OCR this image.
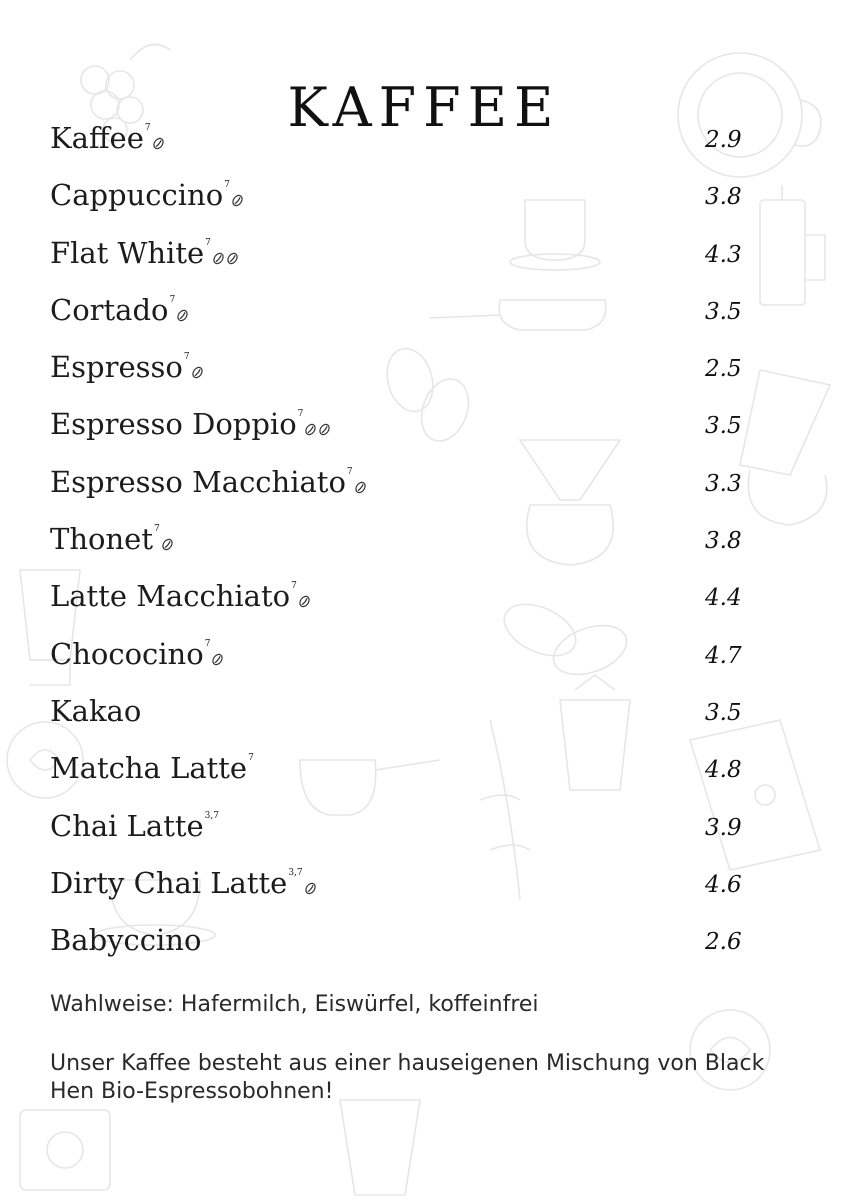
KAFFEE
Kaffee$^7$	2.9
Cappuccino$^7$	3.8
Flat White$^7$	4.3
Cortado$^7$	3.5
Espresso$^7$	2.5
Espresso Doppio$^7$	3.5
Espresso Macchiato$^7$	3.3
Thonet$^7$	3.8
Latte Macchiato$^7$	4.4
Chococino$^7$	4.7
Kakao	3.5
Matcha Latte$^7$	4.8
Chai Latte$^{3,7}$	3.9
Dirty Chai Latte$^{3,7}$	4.6
Babyccino	2.6
Wahlweise: Hafermilch, Eiswürfel, koffeinfrei
Unser Kaffee besteht aus einer hauseigenen Mischung von Black Hen Bio-Espressobohnen!
